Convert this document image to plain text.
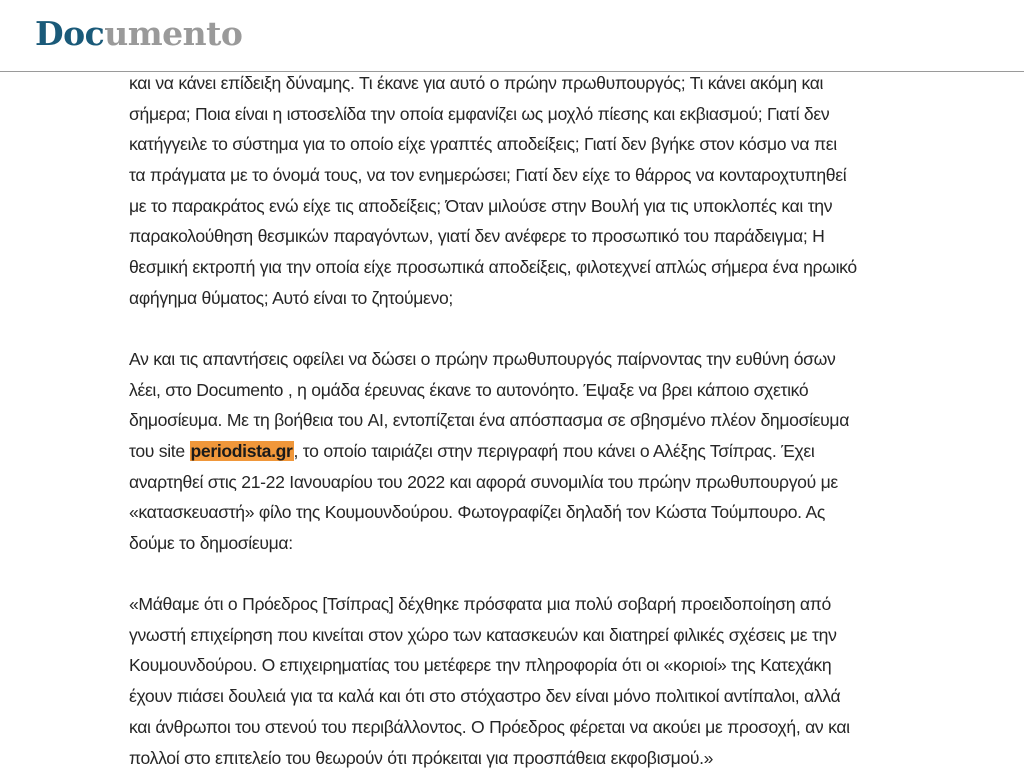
Documento
και να κάνει επίδειξη δύναμης. Τι έκανε για αυτό ο πρώην πρωθυπουργός; Τι κάνει ακόμη και
σήμερα; Ποια είναι η ιστοσελίδα την οποία εμφανίζει ως μοχλό πίεσης και εκβιασμού; Γιατί δεν
κατήγγειλε το σύστημα για το οποίο είχε γραπτές αποδείξεις; Γιατί δεν βγήκε στον κόσμο να πει
τα πράγματα με το όνομά τους, να τον ενημερώσει; Γιατί δεν είχε το θάρρος να κονταροχτυπηθεί
με το παρακράτος ενώ είχε τις αποδείξεις; Όταν μιλούσε στην Βουλή για τις υποκλοπές και την
παρακολούθηση θεσμικών παραγόντων, γιατί δεν ανέφερε το προσωπικό του παράδειγμα; Η
θεσμική εκτροπή για την οποία είχε προσωπικά αποδείξεις, φιλοτεχνεί απλώς σήμερα ένα ηρωικό
αφήγημα θύματος; Αυτό είναι το ζητούμενο;
Αν και τις απαντήσεις οφείλει να δώσει ο πρώην πρωθυπουργός παίρνοντας την ευθύνη όσων
λέει, στο Documento , η ομάδα έρευνας έκανε το αυτονόητο. Έψαξε να βρει κάποιο σχετικό
δημοσίευμα. Με τη βοήθεια του AI, εντοπίζεται ένα απόσπασμα σε σβησμένο πλέον δημοσίευμα
του site periodista.gr, το οποίο ταιριάζει στην περιγραφή που κάνει ο Αλέξης Τσίπρας. Έχει
αναρτηθεί στις 21-22 Ιανουαρίου του 2022 και αφορά συνομιλία του πρώην πρωθυπουργού με
«κατασκευαστή» φίλο της Κουμουνδούρου. Φωτογραφίζει δηλαδή τον Κώστα Τούμπουρο. Ας
δούμε το δημοσίευμα:
«Μάθαμε ότι ο Πρόεδρος [Τσίπρας] δέχθηκε πρόσφατα μια πολύ σοβαρή προειδοποίηση από
γνωστή επιχείρηση που κινείται στον χώρο των κατασκευών και διατηρεί φιλικές σχέσεις με την
Κουμουνδούρου. Ο επιχειρηματίας του μετέφερε την πληροφορία ότι οι «κοριοί» της Κατεχάκη
έχουν πιάσει δουλειά για τα καλά και ότι στο στόχαστρο δεν είναι μόνο πολιτικοί αντίπαλοι, αλλά
και άνθρωποι του στενού του περιβάλλοντος. Ο Πρόεδρος φέρεται να ακούει με προσοχή, αν και
πολλοί στο επιτελείο του θεωρούν ότι πρόκειται για προσπάθεια εκφοβισμού.»
